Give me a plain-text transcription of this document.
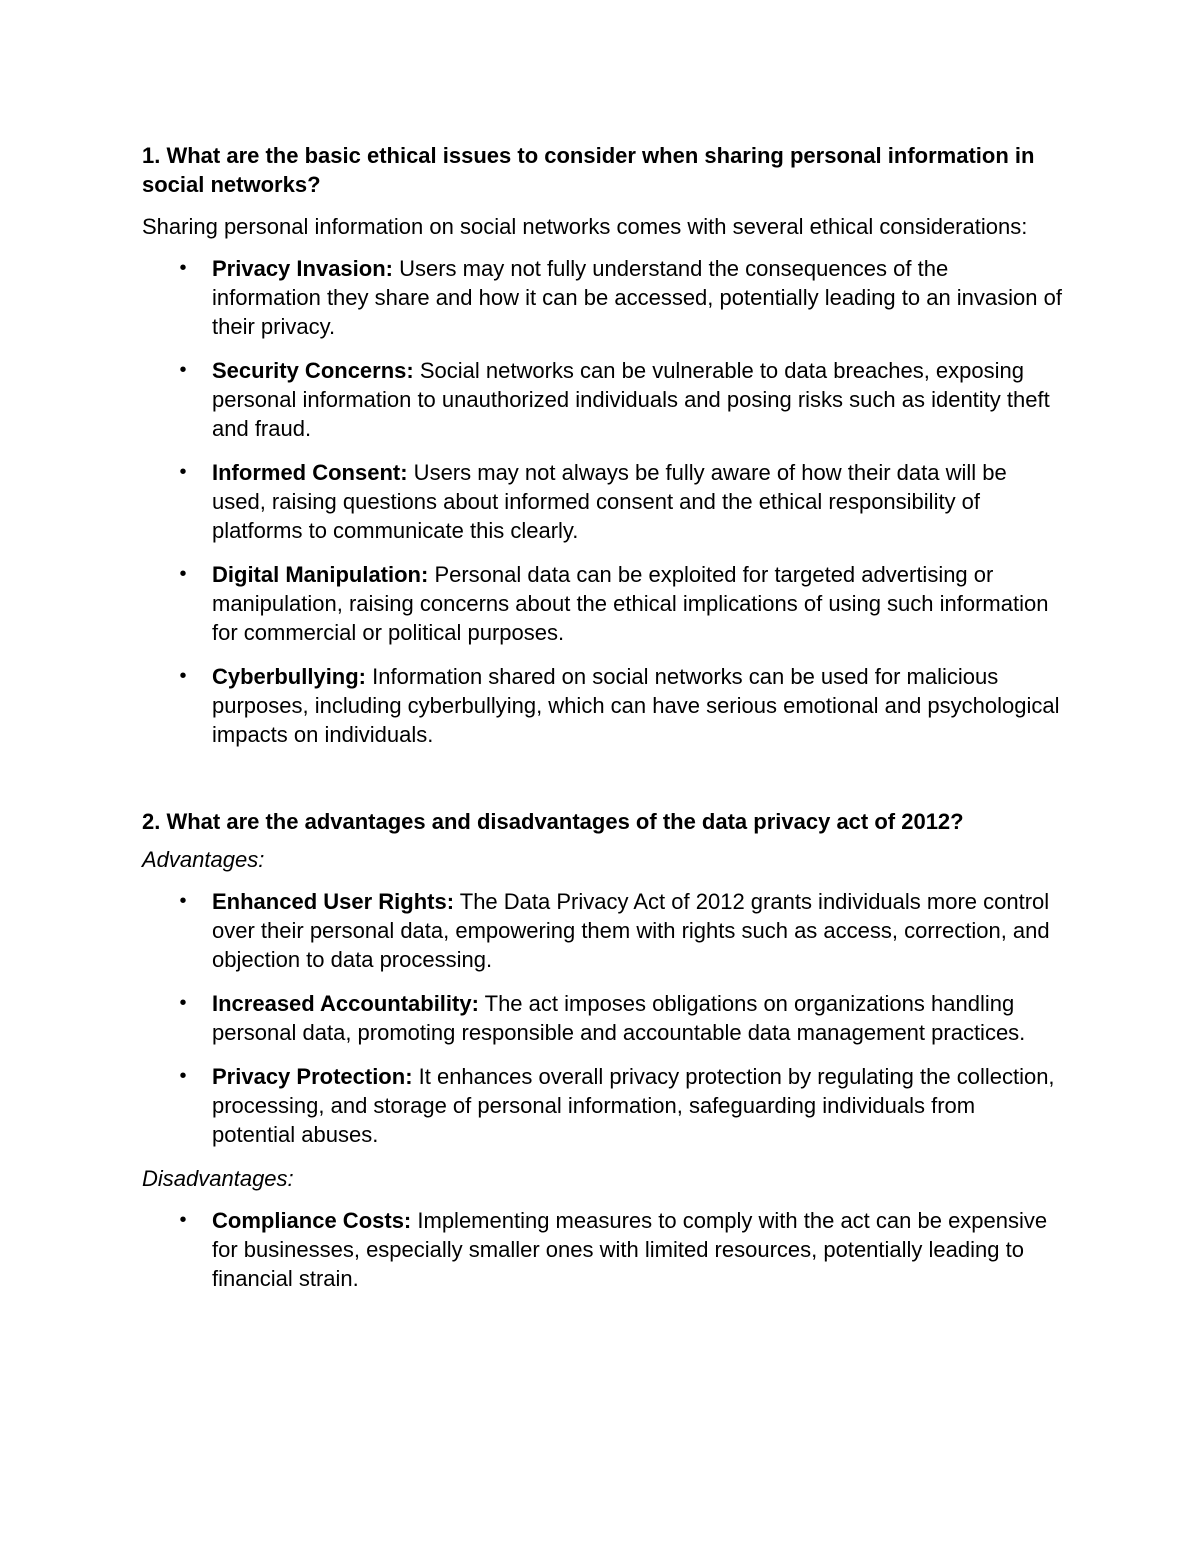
1. What are the basic ethical issues to consider when sharing personal information in social networks?

Sharing personal information on social networks comes with several ethical considerations:

• Privacy Invasion: Users may not fully understand the consequences of the information they share and how it can be accessed, potentially leading to an invasion of their privacy.
• Security Concerns: Social networks can be vulnerable to data breaches, exposing personal information to unauthorized individuals and posing risks such as identity theft and fraud.
• Informed Consent: Users may not always be fully aware of how their data will be used, raising questions about informed consent and the ethical responsibility of platforms to communicate this clearly.
• Digital Manipulation: Personal data can be exploited for targeted advertising or manipulation, raising concerns about the ethical implications of using such information for commercial or political purposes.
• Cyberbullying: Information shared on social networks can be used for malicious purposes, including cyberbullying, which can have serious emotional and psychological impacts on individuals.
2. What are the advantages and disadvantages of the data privacy act of 2012?

Advantages:

• Enhanced User Rights: The Data Privacy Act of 2012 grants individuals more control over their personal data, empowering them with rights such as access, correction, and objection to data processing.
• Increased Accountability: The act imposes obligations on organizations handling personal data, promoting responsible and accountable data management practices.
• Privacy Protection: It enhances overall privacy protection by regulating the collection, processing, and storage of personal information, safeguarding individuals from potential abuses.

Disadvantages:

• Compliance Costs: Implementing measures to comply with the act can be expensive for businesses, especially smaller ones with limited resources, potentially leading to financial strain.
